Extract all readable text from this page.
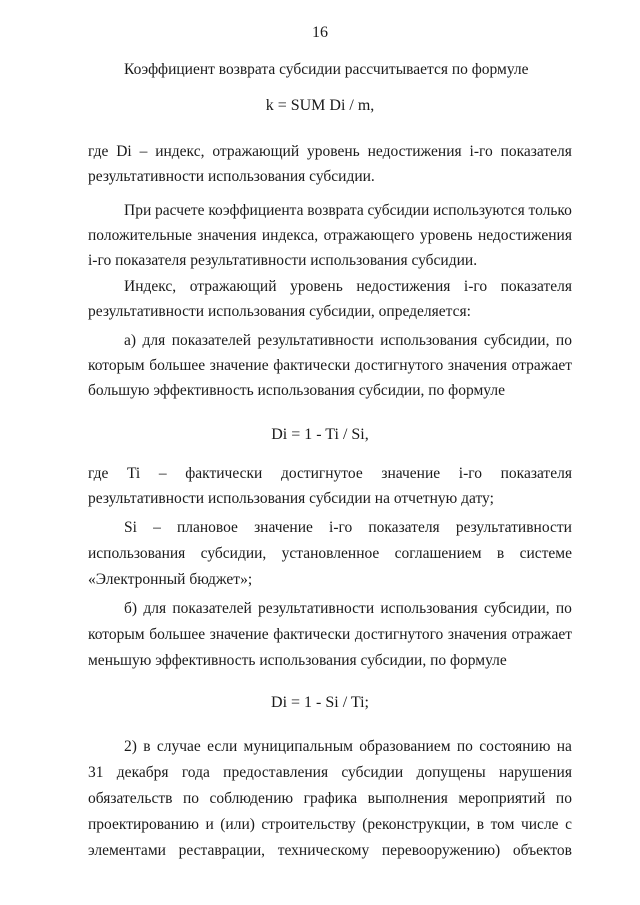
16
Коэффициент возврата субсидии рассчитывается по формуле
k = SUM Di / m,
где Di – индекс, отражающий уровень недостижения i-го показателя
результативности использования субсидии.
При расчете коэффициента возврата субсидии используются только
положительные значения индекса, отражающего уровень недостижения
i-го показателя результативности использования субсидии.
Индекс, отражающий уровень недостижения i-го показателя
результативности использования субсидии, определяется:
а) для показателей результативности использования субсидии, по
которым большее значение фактически достигнутого значения отражает
большую эффективность использования субсидии, по формуле
Di = 1 - Ti / Si,
где Ti – фактически достигнутое значение i-го показателя
результативности использования субсидии на отчетную дату;
Si – плановое значение i-го показателя результативности
использования субсидии, установленное соглашением в системе
«Электронный бюджет»;
б) для показателей результативности использования субсидии, по
которым большее значение фактически достигнутого значения отражает
меньшую эффективность использования субсидии, по формуле
Di = 1 - Si / Ti;
2) в случае если муниципальным образованием по состоянию на
31 декабря года предоставления субсидии допущены нарушения
обязательств по соблюдению графика выполнения мероприятий по
проектированию и (или) строительству (реконструкции, в том числе с
элементами реставрации, техническому перевооружению) объектов
